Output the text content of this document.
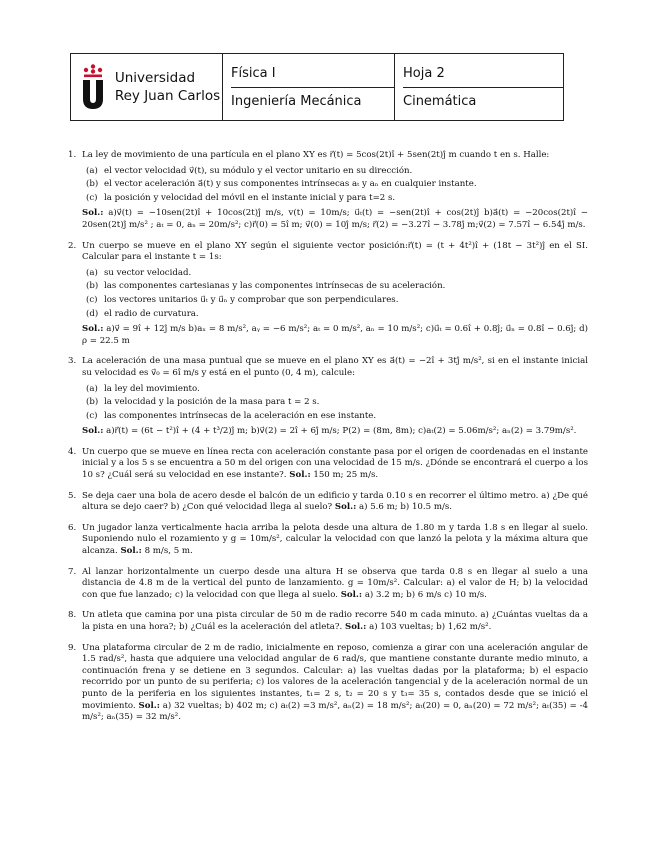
Universidad
Rey Juan Carlos
Física I
Ingeniería Mecánica
Hoja 2
Cinemática
1. La ley de movimiento de una partícula en el plano XY es r⃗(t) = 5cos(2t)î + 5sen(2t)ĵ m cuando t en s. Halle:
(a) el vector velocidad v⃗(t), su módulo y el vector unitario en su dirección.
(b) el vector aceleración a⃗(t) y sus componentes intrínsecas aₜ y aₙ en cualquier instante.
(c) la posición y velocidad del móvil en el instante inicial y para t=2 s.
Sol.: a)v⃗(t) = −10sen(2t)î + 10cos(2t)ĵ m/s, v(t) = 10m/s; u⃗ₜ(t) = −sen(2t)î + cos(2t)ĵ b)a⃗(t) = −20cos(2t)î − 20sen(2t)ĵ m/s² ; aₜ = 0, aₙ = 20m/s²; c)r⃗(0) = 5î m; v⃗(0) = 10ĵ m/s; r⃗(2) = −3.27î − 3.78ĵ m;v⃗(2) = 7.57î − 6.54ĵ m/s.
2. Un cuerpo se mueve en el plano XY según el siguiente vector posición:r⃗(t) = (t + 4t²)î + (18t − 3t²)ĵ en el SI. Calcular para el instante t = 1s:
(a) su vector velocidad.
(b) las componentes cartesianas y las componentes intrínsecas de su aceleración.
(c) los vectores unitarios u⃗ₜ y u⃗ₙ y comprobar que son perpendiculares.
(d) el radio de curvatura.
Sol.: a)v⃗ = 9î + 12ĵ m/s b)aₓ = 8 m/s², aᵧ = −6 m/s²; aₜ = 0 m/s², aₙ = 10 m/s²; c)u⃗ₜ = 0.6î + 0.8ĵ; u⃗ₙ = 0.8î − 0.6ĵ; d) ρ = 22.5 m
3. La aceleración de una masa puntual que se mueve en el plano XY es a⃗(t) = −2î + 3tĵ m/s², si en el instante inicial su velocidad es v⃗₀ = 6î m/s y está en el punto (0, 4 m), calcule:
(a) la ley del movimiento.
(b) la velocidad y la posición de la masa para t = 2 s.
(c) las componentes intrínsecas de la aceleración en ese instante.
Sol.: a)r⃗(t) = (6t − t²)î + (4 + t³/2)ĵ m; b)v⃗(2) = 2î + 6ĵ m/s; P(2) = (8m, 8m); c)aₜ(2) = 5.06m/s²; aₙ(2) = 3.79m/s².
4. Un cuerpo que se mueve en línea recta con aceleración constante pasa por el origen de coordenadas en el instante inicial y a los 5 s se encuentra a 50 m del origen con una velocidad de 15 m/s. ¿Dónde se encontrará el cuerpo a los 10 s? ¿Cuál será su velocidad en ese instante?. Sol.: 150 m; 25 m/s.
5. Se deja caer una bola de acero desde el balcón de un edificio y tarda 0.10 s en recorrer el último metro. a) ¿De qué altura se dejo caer? b) ¿Con qué velocidad llega al suelo? Sol.: a) 5.6 m; b) 10.5 m/s.
6. Un jugador lanza verticalmente hacia arriba la pelota desde una altura de 1.80 m y tarda 1.8 s en llegar al suelo. Suponiendo nulo el rozamiento y g = 10m/s², calcular la velocidad con que lanzó la pelota y la máxima altura que alcanza. Sol.: 8 m/s, 5 m.
7. Al lanzar horizontalmente un cuerpo desde una altura H se observa que tarda 0.8 s en llegar al suelo a una distancia de 4.8 m de la vertical del punto de lanzamiento. g = 10m/s². Calcular: a) el valor de H; b) la velocidad con que fue lanzado; c) la velocidad con que llega al suelo. Sol.: a) 3.2 m; b) 6 m/s c) 10 m/s.
8. Un atleta que camina por una pista circular de 50 m de radio recorre 540 m cada minuto. a) ¿Cuántas vueltas da a la pista en una hora?; b) ¿Cuál es la aceleración del atleta?. Sol.: a) 103 vueltas; b) 1,62 m/s².
9. Una plataforma circular de 2 m de radio, inicialmente en reposo, comienza a girar con una aceleración angular de 1.5 rad/s², hasta que adquiere una velocidad angular de 6 rad/s, que mantiene constante durante medio minuto, a continuación frena y se detiene en 3 segundos. Calcular: a) las vueltas dadas por la plataforma; b) el espacio recorrido por un punto de su periferia; c) los valores de la aceleración tangencial y de la aceleración normal de un punto de la periferia en los siguientes instantes, t₁= 2 s, t₂ = 20 s y t₃= 35 s, contados desde que se inició el movimiento. Sol.: a) 32 vueltas; b) 402 m; c) aₜ(2) =3 m/s², aₙ(2) = 18 m/s²; aₜ(20) = 0, aₙ(20) = 72 m/s²; aₜ(35) = -4 m/s²; aₙ(35) = 32 m/s².
